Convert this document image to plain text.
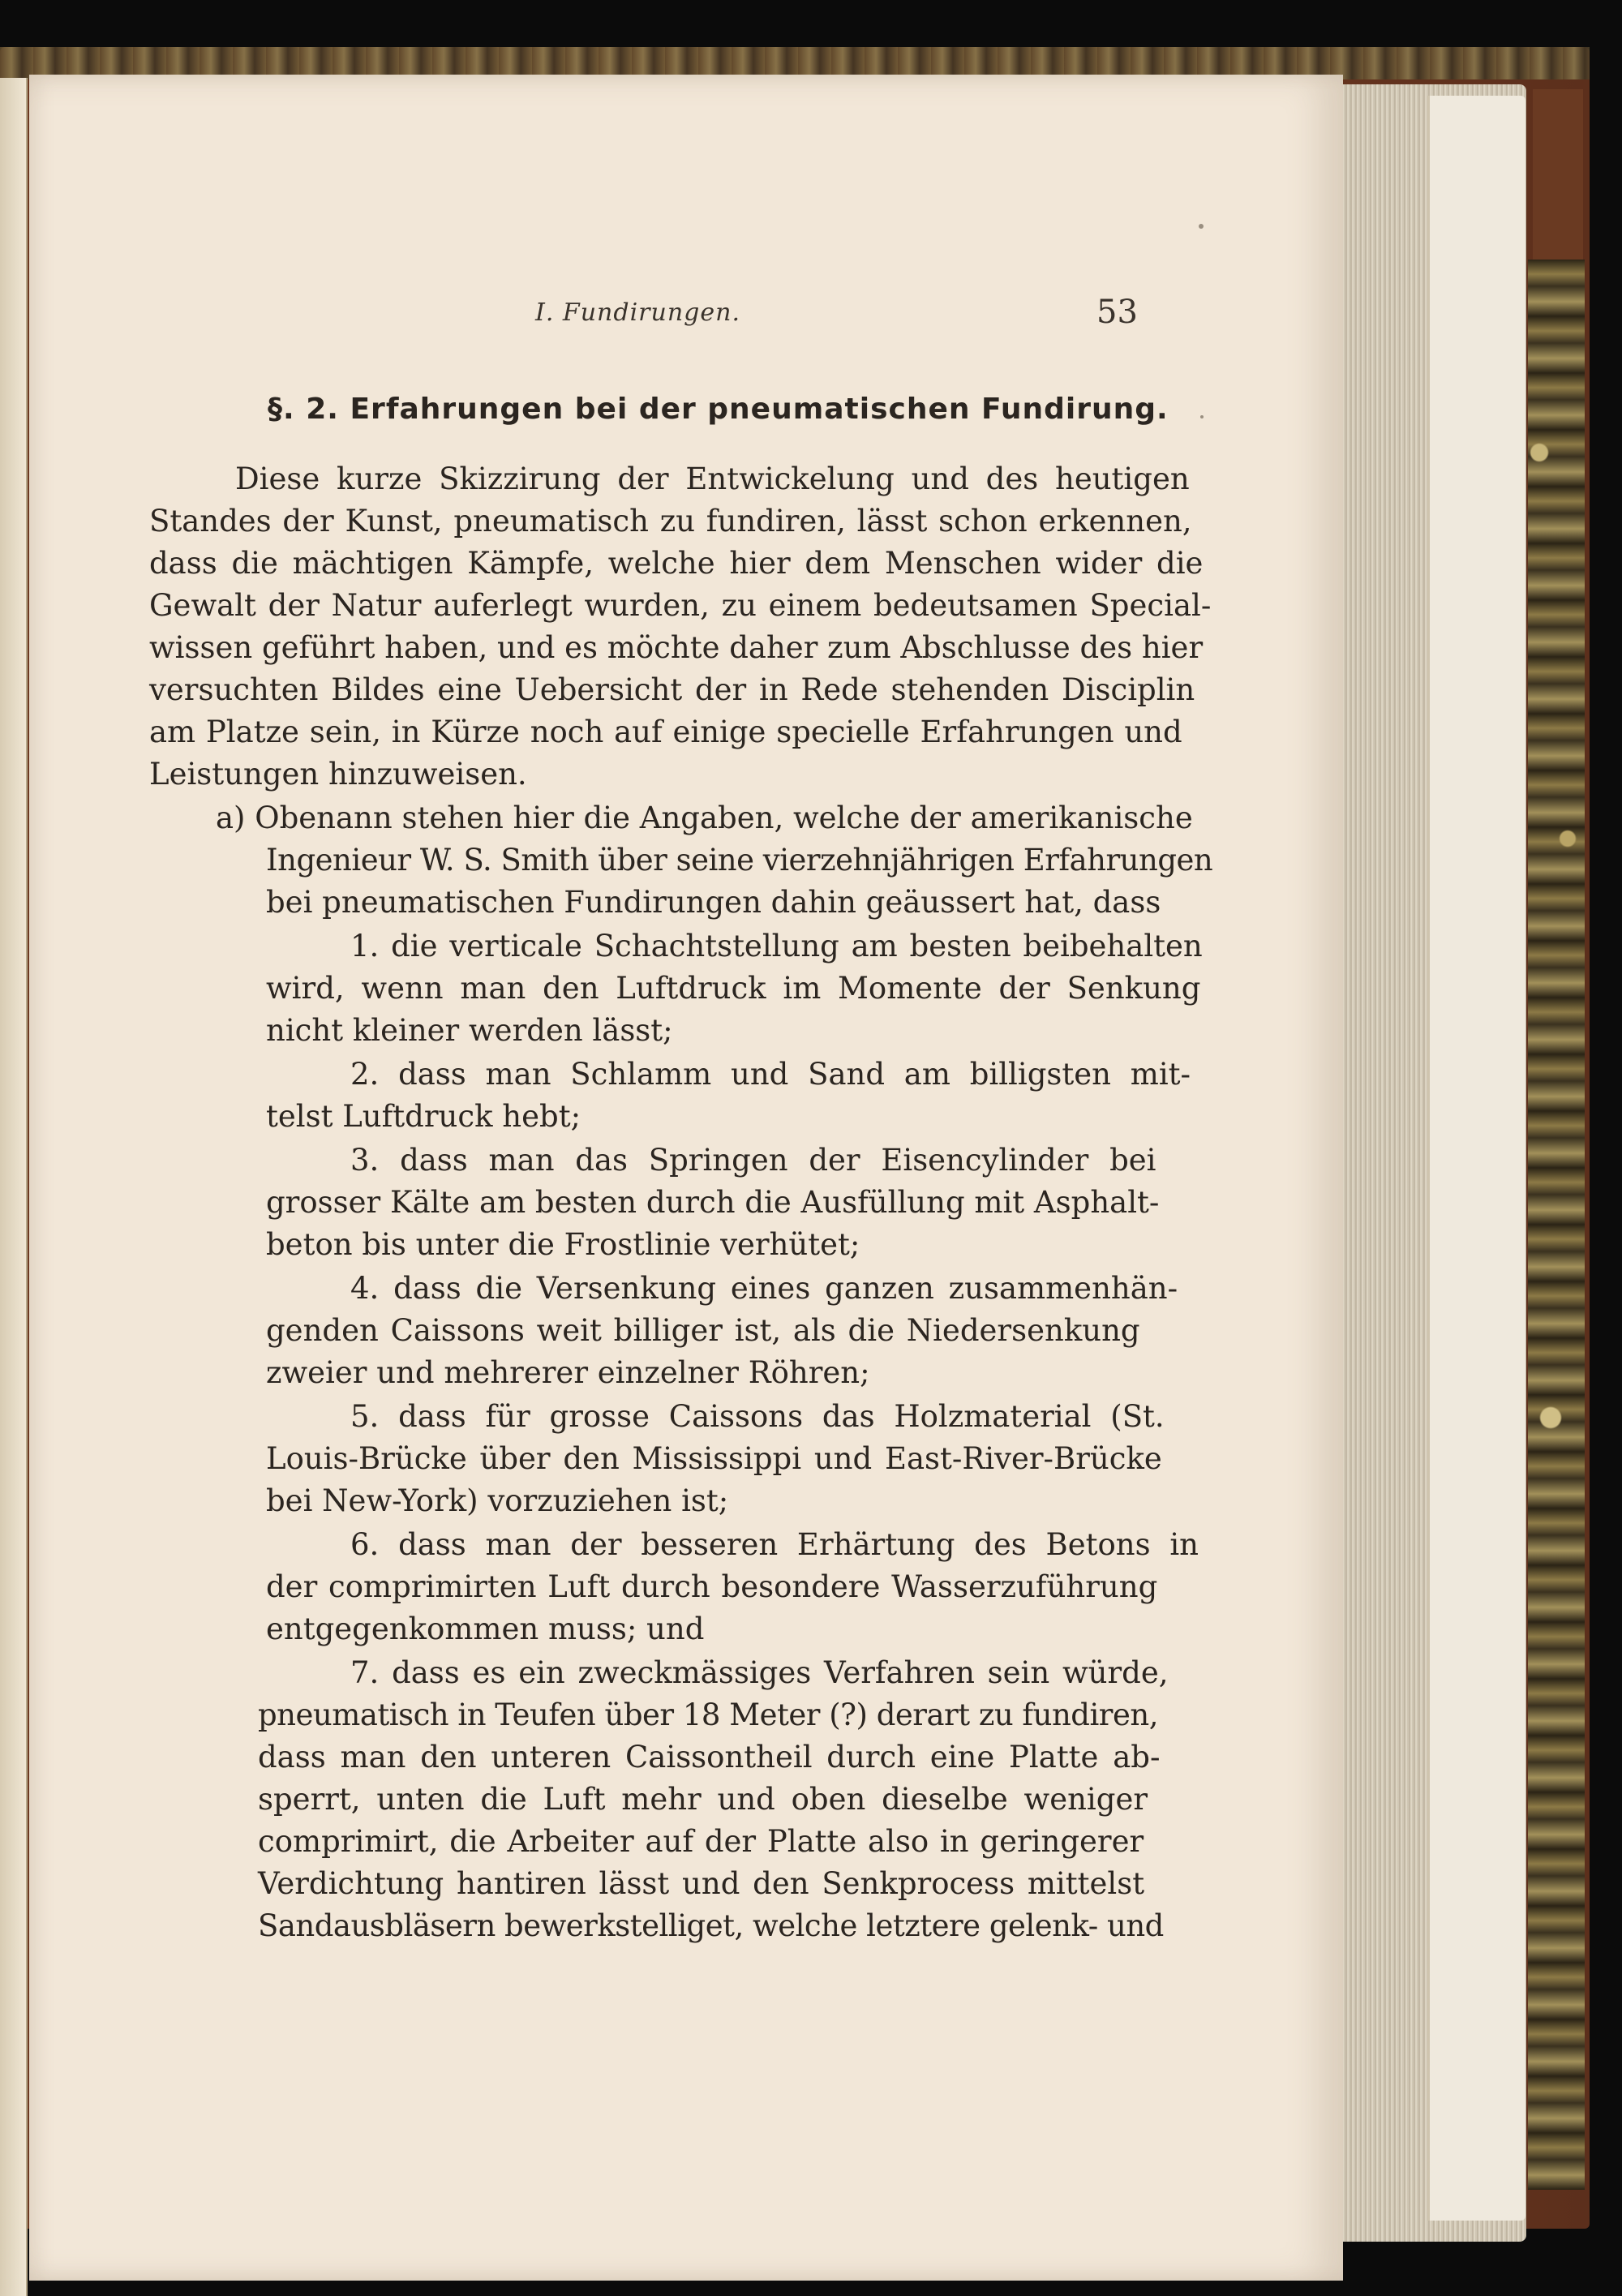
I. Fundirungen.	53
§. 2. Erfahrungen bei der pneumatischen Fundirung.
Diese kurze Skizzirung der Entwickelung und des heutigen
Standes der Kunst, pneumatisch zu fundiren, lässt schon erkennen,
dass die mächtigen Kämpfe, welche hier dem Menschen wider die
Gewalt der Natur auferlegt wurden, zu einem bedeutsamen Special-
wissen geführt haben, und es möchte daher zum Abschlusse des hier
versuchten Bildes eine Uebersicht der in Rede stehenden Disciplin
am Platze sein, in Kürze noch auf einige specielle Erfahrungen und
Leistungen hinzuweisen.
a) Obenann stehen hier die Angaben, welche der amerikanische
Ingenieur W. S. Smith über seine vierzehnjährigen Erfahrungen
bei pneumatischen Fundirungen dahin geäussert hat, dass
1. die verticale Schachtstellung am besten beibehalten
wird, wenn man den Luftdruck im Momente der Senkung
nicht kleiner werden lässt;
2. dass man Schlamm und Sand am billigsten mit-
telst Luftdruck hebt;
3. dass man das Springen der Eisencylinder bei
grosser Kälte am besten durch die Ausfüllung mit Asphalt-
beton bis unter die Frostlinie verhütet;
4. dass die Versenkung eines ganzen zusammenhän-
genden Caissons weit billiger ist, als die Niedersenkung
zweier und mehrerer einzelner Röhren;
5. dass für grosse Caissons das Holzmaterial (St.
Louis-Brücke über den Mississippi und East-River-Brücke
bei New-York) vorzuziehen ist;
6. dass man der besseren Erhärtung des Betons in
der comprimirten Luft durch besondere Wasserzuführung
entgegenkommen muss; und
7. dass es ein zweckmässiges Verfahren sein würde,
pneumatisch in Teufen über 18 Meter (?) derart zu fundiren,
dass man den unteren Caissontheil durch eine Platte ab-
sperrt, unten die Luft mehr und oben dieselbe weniger
comprimirt, die Arbeiter auf der Platte also in geringerer
Verdichtung hantiren lässt und den Senkprocess mittelst
Sandausbläsern bewerkstelliget, welche letztere gelenk- und
